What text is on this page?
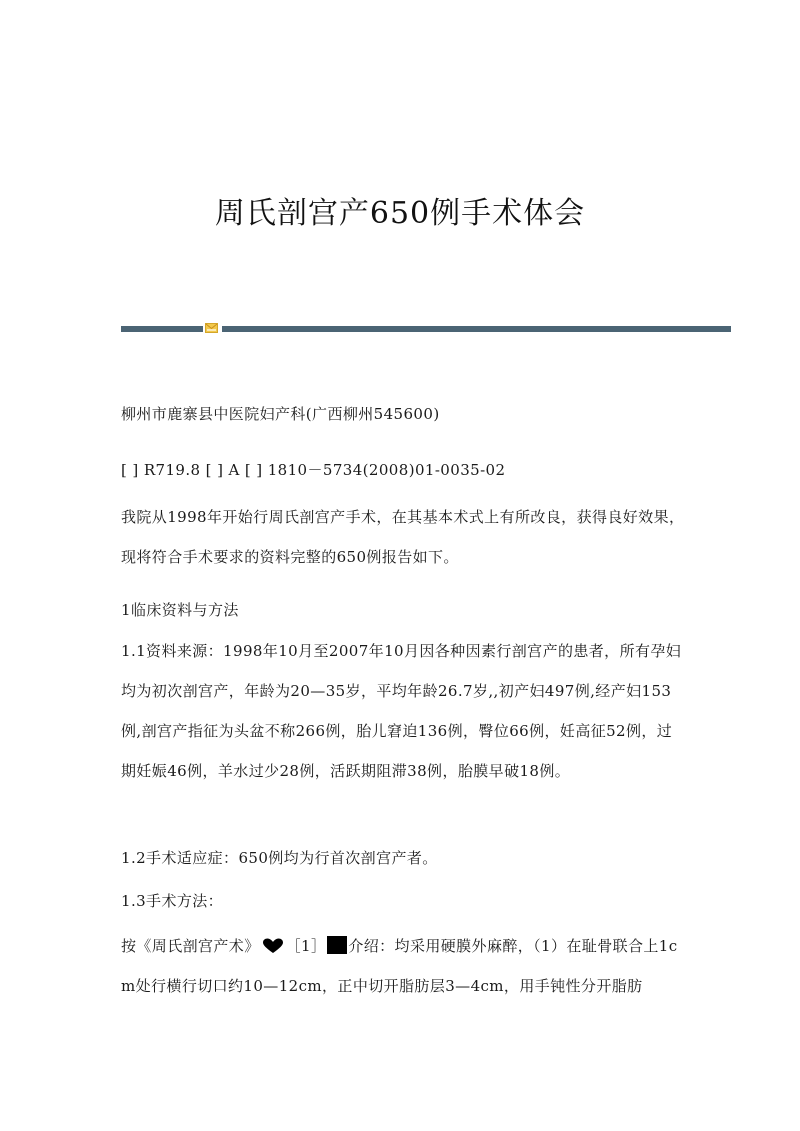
周氏剖宫产650例手术体会

柳州市鹿寨县中医院妇产科(广西柳州545600)

[ ] R719.8 [ ] A [ ] 1810－5734(2008)01-0035-02

我院从1998年开始行周氏剖宫产手术，在其基本术式上有所改良，获得良好效果，现将符合手术要求的资料完整的650例报告如下。

1临床资料与方法

1.1资料来源：1998年10月至2007年10月因各种因素行剖宫产的患者，所有孕妇均为初次剖宫产，年龄为20—35岁，平均年龄26.7岁,,初产妇497例,经产妇153例,剖宫产指征为头盆不称266例，胎儿窘迫136例，臀位66例，妊高征52例，过期妊娠46例，羊水过少28例，活跃期阻滞38例，胎膜早破18例。

1.2手术适应症：650例均为行首次剖宫产者。

1.3手术方法：

按《周氏剖宫产术》 ［1］ 介绍：均采用硬膜外麻醉，（1）在耻骨联合上1cm处行横行切口约10—12cm，正中切开脂肪层3—4cm，用手钝性分开脂肪
